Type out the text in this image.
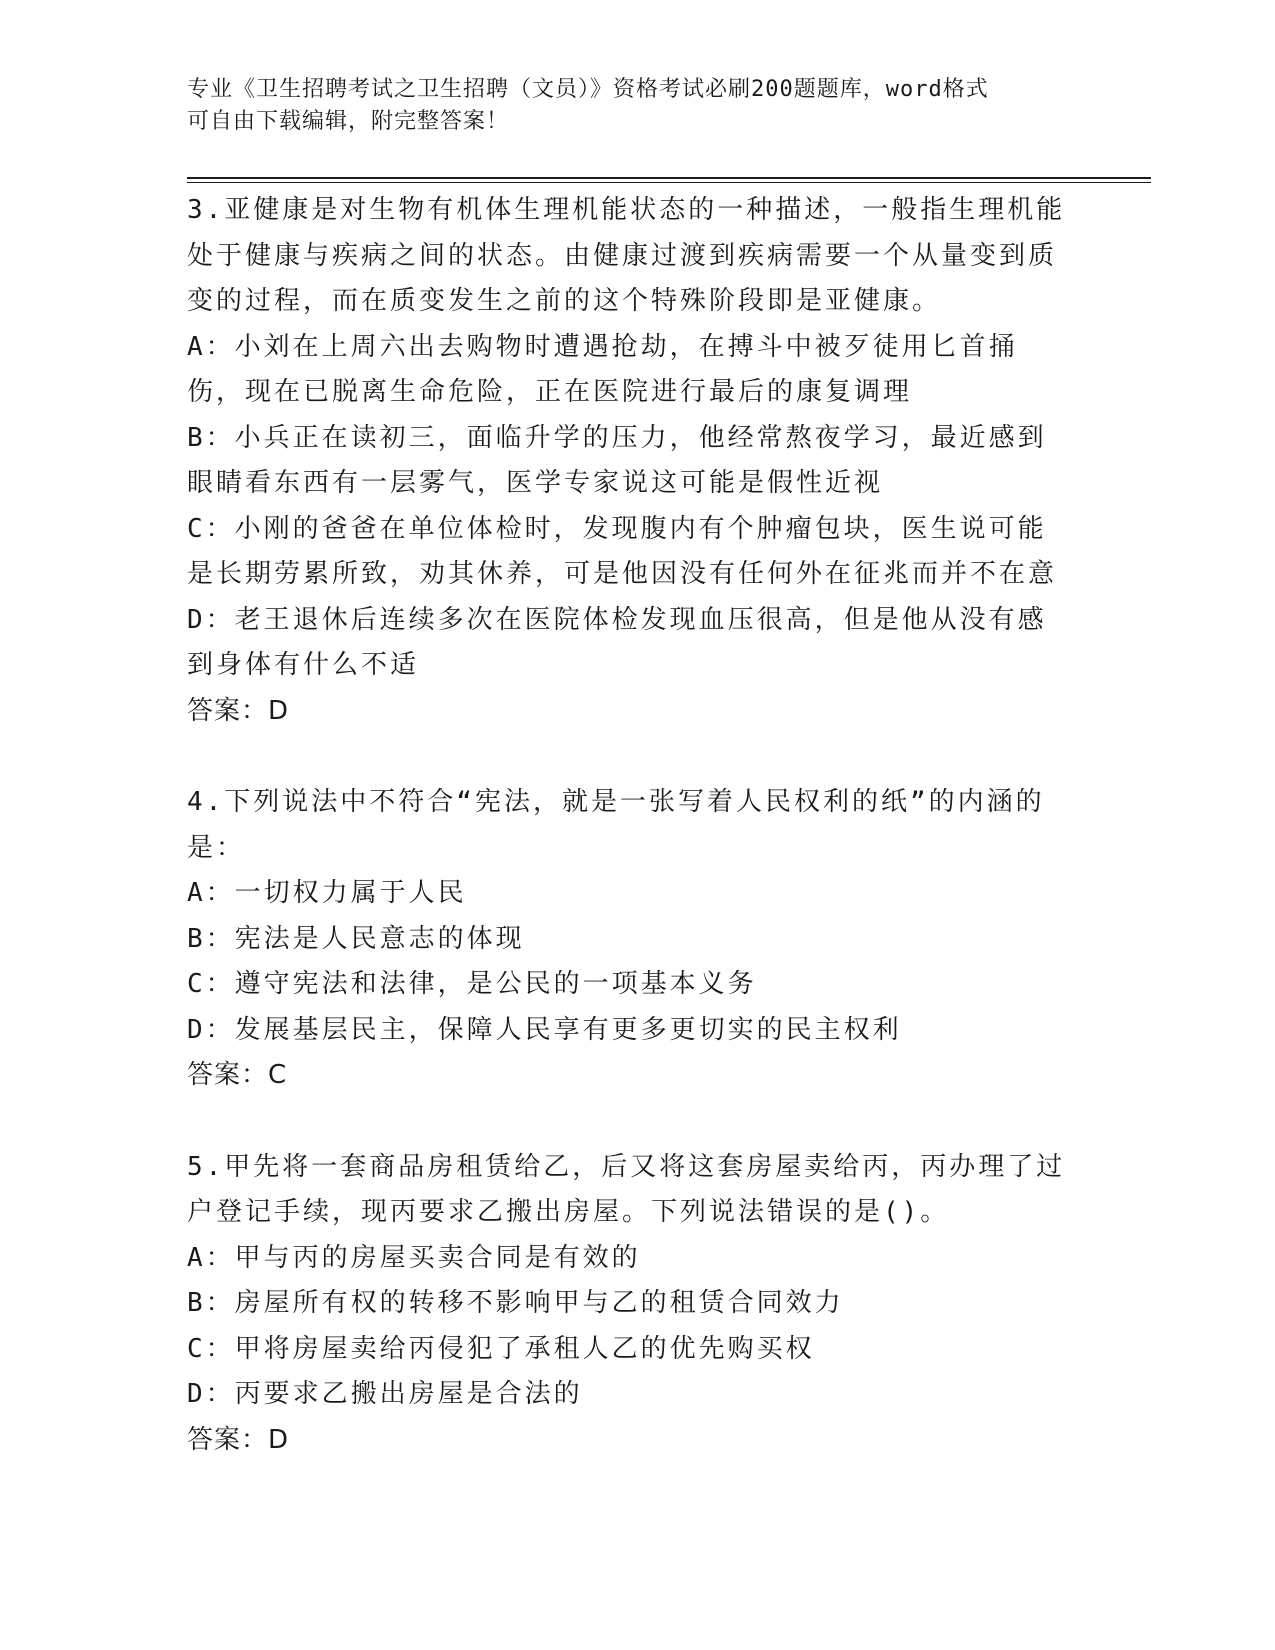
专业《卫生招聘考试之卫生招聘（文员）》资格考试必刷200题题库，word格式
可自由下载编辑，附完整答案！
3.亚健康是对生物有机体生理机能状态的一种描述，一般指生理机能处于健康与疾病之间的状态。由健康过渡到疾病需要一个从量变到质变的过程，而在质变发生之前的这个特殊阶段即是亚健康。
A：小刘在上周六出去购物时遭遇抢劫，在搏斗中被歹徒用匕首捅伤，现在已脱离生命危险，正在医院进行最后的康复调理
B：小兵正在读初三，面临升学的压力，他经常熬夜学习，最近感到眼睛看东西有一层雾气，医学专家说这可能是假性近视
C：小刚的爸爸在单位体检时，发现腹内有个肿瘤包块，医生说可能是长期劳累所致，劝其休养，可是他因没有任何外在征兆而并不在意
D：老王退休后连续多次在医院体检发现血压很高，但是他从没有感到身体有什么不适
答案：D
4.下列说法中不符合“宪法，就是一张写着人民权利的纸”的内涵的是：
A：一切权力属于人民
B：宪法是人民意志的体现
C：遵守宪法和法律，是公民的一项基本义务
D：发展基层民主，保障人民享有更多更切实的民主权利
答案：C
5.甲先将一套商品房租赁给乙，后又将这套房屋卖给丙，丙办理了过户登记手续，现丙要求乙搬出房屋。下列说法错误的是()。
A：甲与丙的房屋买卖合同是有效的
B：房屋所有权的转移不影响甲与乙的租赁合同效力
C：甲将房屋卖给丙侵犯了承租人乙的优先购买权
D：丙要求乙搬出房屋是合法的
答案：D
